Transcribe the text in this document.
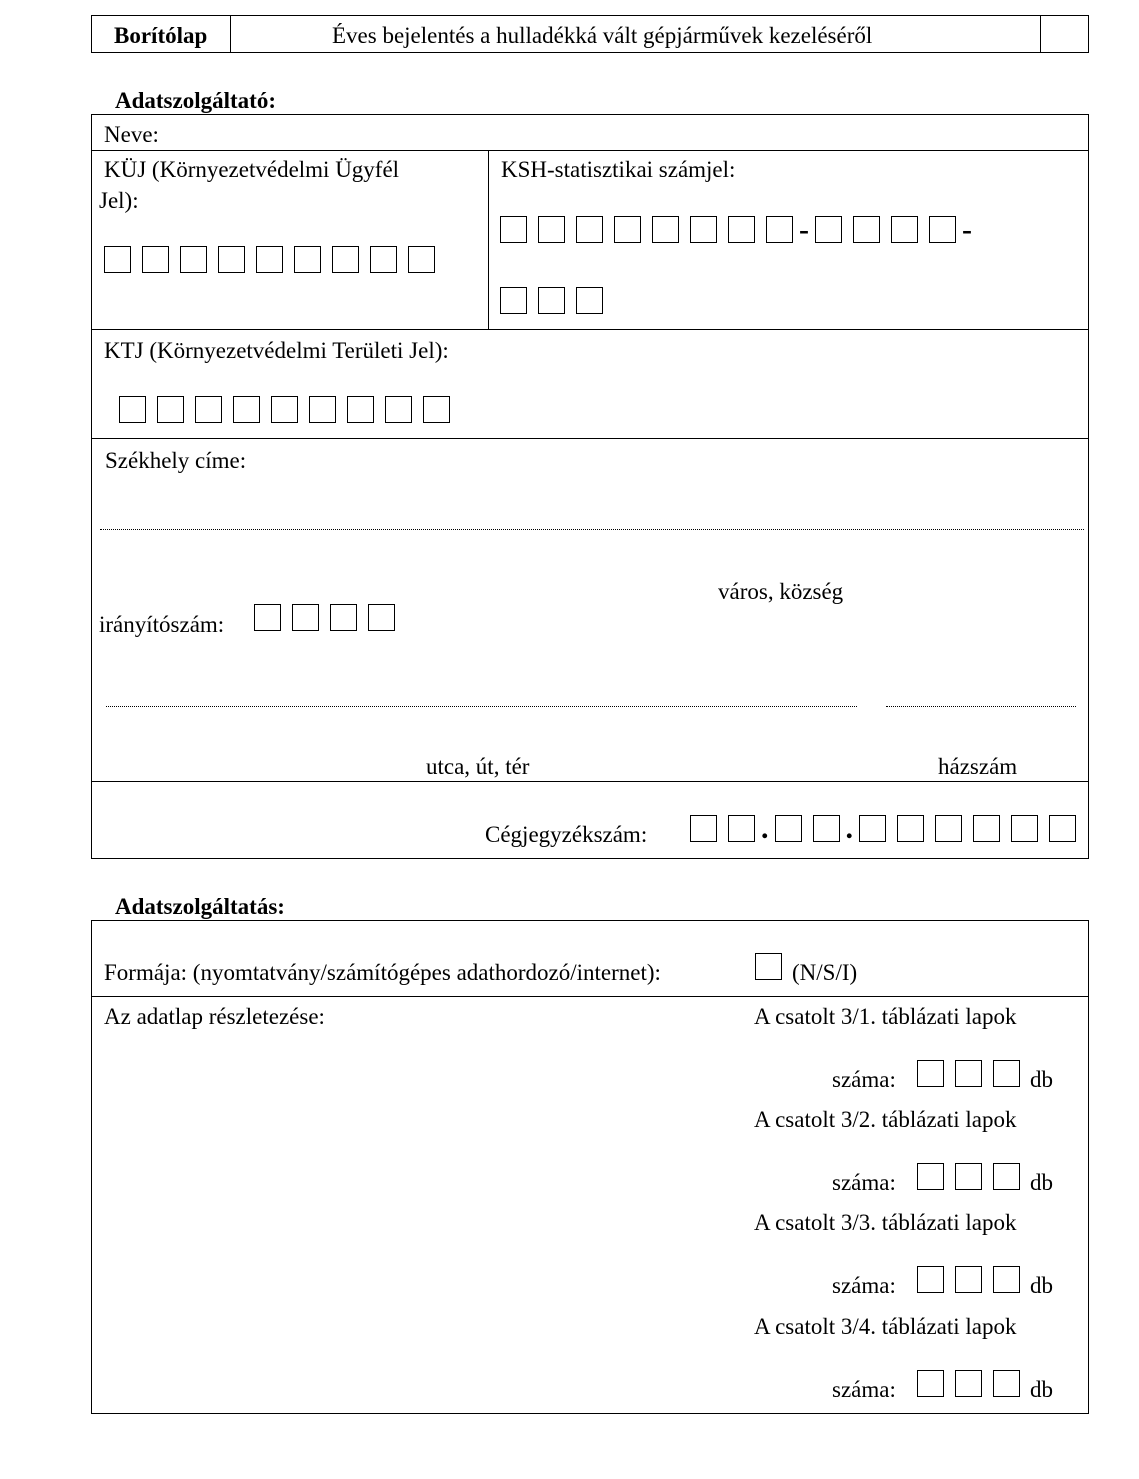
Borítólap	Éves bejelentés a hulladékká vált gépjárművek kezeléséről
Adatszolgáltató:
Neve:
KÜJ (Környezetvédelmi Ügyfél
Jel):
KSH-statisztikai számjel:
-	-
KTJ (Környezetvédelmi Területi Jel):
Székhely címe:
város, község
irányítószám:
utca, út, tér	házszám
Cégjegyzékszám:	.	.
Adatszolgáltatás:
Formája: (nyomtatvány/számítógépes adathordozó/internet):	(N/S/I)
Az adatlap részletezése:	A csatolt 3/1. táblázati lapok
száma:	db
A csatolt 3/2. táblázati lapok
száma:	db
A csatolt 3/3. táblázati lapok
száma:	db
A csatolt 3/4. táblázati lapok
száma:	db
